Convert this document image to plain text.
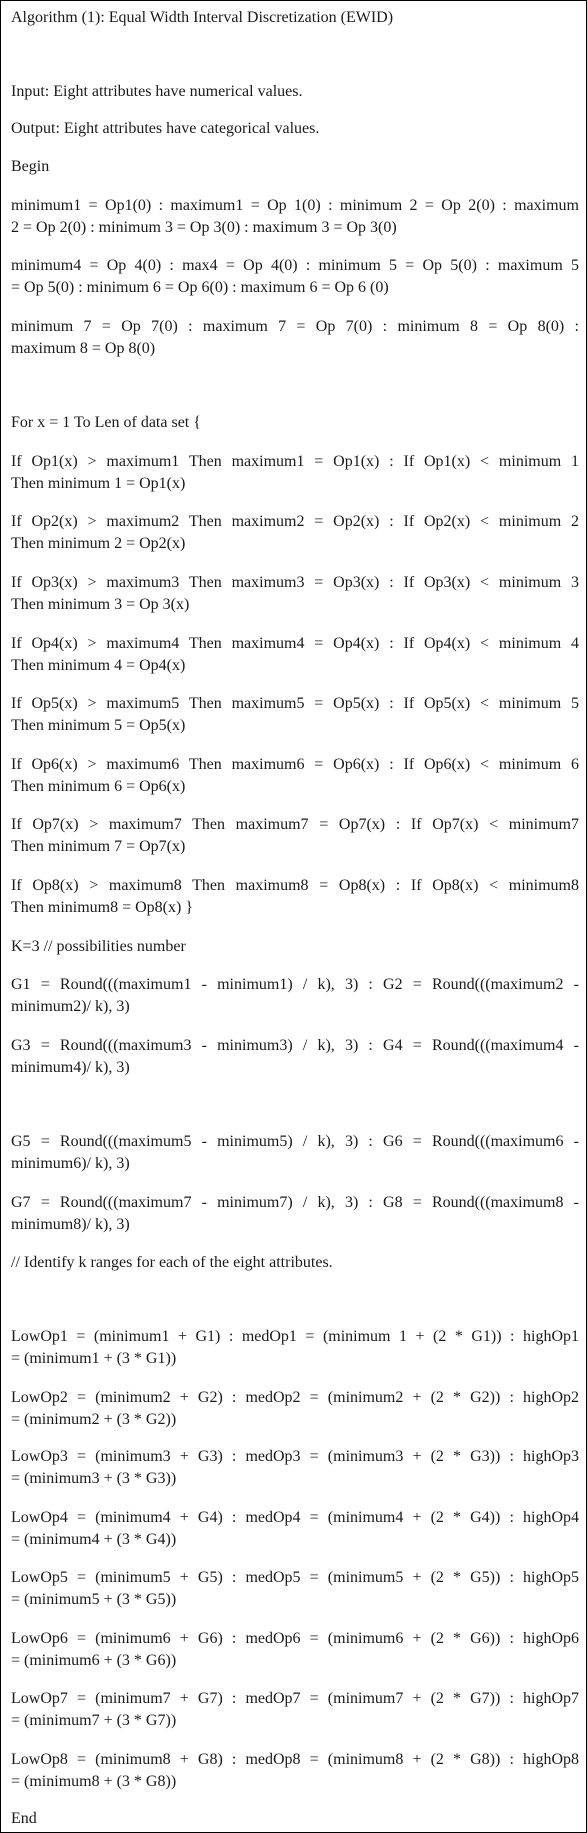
Algorithm (1): Equal Width Interval Discretization (EWID)
Input: Eight attributes have numerical values.
Output: Eight attributes have categorical values.
Begin
minimum1 = Op1(0) : maximum1 = Op 1(0) : minimum 2 = Op 2(0) : maximum
2 = Op 2(0) : minimum 3 = Op 3(0) : maximum 3 = Op 3(0)
minimum4 = Op 4(0) : max4 = Op 4(0) : minimum 5 = Op 5(0) : maximum 5
= Op 5(0) : minimum 6 = Op 6(0) : maximum 6 = Op 6 (0)
minimum 7 = Op 7(0) : maximum 7 = Op 7(0) : minimum 8 = Op 8(0) :
maximum 8 = Op 8(0)
For x = 1 To Len of data set {
If Op1(x) > maximum1 Then maximum1 = Op1(x) : If Op1(x) < minimum 1
Then minimum 1 = Op1(x)
If Op2(x) > maximum2 Then maximum2 = Op2(x) : If Op2(x) < minimum 2
Then minimum 2 = Op2(x)
If Op3(x) > maximum3 Then maximum3 = Op3(x) : If Op3(x) < minimum 3
Then minimum 3 = Op 3(x)
If Op4(x) > maximum4 Then maximum4 = Op4(x) : If Op4(x) < minimum 4
Then minimum 4 = Op4(x)
If Op5(x) > maximum5 Then maximum5 = Op5(x) : If Op5(x) < minimum 5
Then minimum 5 = Op5(x)
If Op6(x) > maximum6 Then maximum6 = Op6(x) : If Op6(x) < minimum 6
Then minimum 6 = Op6(x)
If Op7(x) > maximum7 Then maximum7 = Op7(x) : If Op7(x) < minimum7
Then minimum 7 = Op7(x)
If Op8(x) > maximum8 Then maximum8 = Op8(x) : If Op8(x) < minimum8
Then minimum8 = Op8(x) }
K=3 // possibilities number
G1 = Round(((maximum1 - minimum1) / k), 3) : G2 = Round(((maximum2 -
minimum2)/ k), 3)
G3 = Round(((maximum3 - minimum3) / k), 3) : G4 = Round(((maximum4 -
minimum4)/ k), 3)
G5 = Round(((maximum5 - minimum5) / k), 3) : G6 = Round(((maximum6 -
minimum6)/ k), 3)
G7 = Round(((maximum7 - minimum7) / k), 3) : G8 = Round(((maximum8 -
minimum8)/ k), 3)
// Identify k ranges for each of the eight attributes.
LowOp1 = (minimum1 + G1) : medOp1 = (minimum 1 + (2 * G1)) : highOp1
= (minimum1 + (3 * G1))
LowOp2 = (minimum2 + G2) : medOp2 = (minimum2 + (2 * G2)) : highOp2
= (minimum2 + (3 * G2))
LowOp3 = (minimum3 + G3) : medOp3 = (minimum3 + (2 * G3)) : highOp3
= (minimum3 + (3 * G3))
LowOp4 = (minimum4 + G4) : medOp4 = (minimum4 + (2 * G4)) : highOp4
= (minimum4 + (3 * G4))
LowOp5 = (minimum5 + G5) : medOp5 = (minimum5 + (2 * G5)) : highOp5
= (minimum5 + (3 * G5))
LowOp6 = (minimum6 + G6) : medOp6 = (minimum6 + (2 * G6)) : highOp6
= (minimum6 + (3 * G6))
LowOp7 = (minimum7 + G7) : medOp7 = (minimum7 + (2 * G7)) : highOp7
= (minimum7 + (3 * G7))
LowOp8 = (minimum8 + G8) : medOp8 = (minimum8 + (2 * G8)) : highOp8
= (minimum8 + (3 * G8))
End
